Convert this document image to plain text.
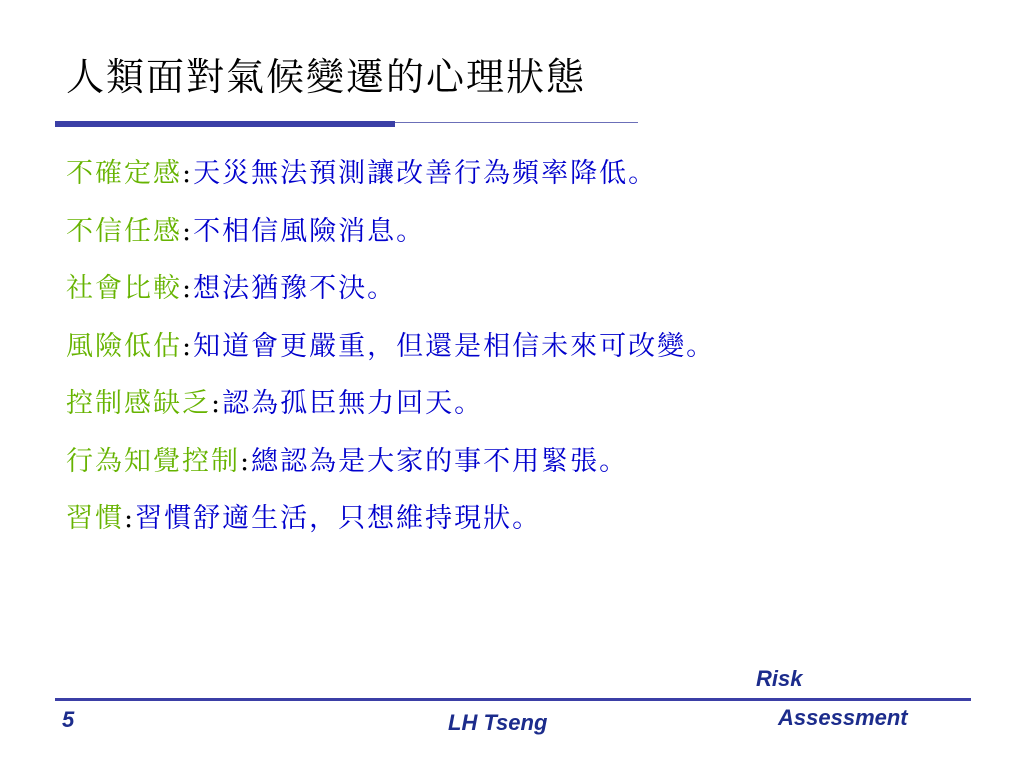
人類面對氣候變遷的心理狀態
不確定感:天災無法預測讓改善行為頻率降低。
不信任感:不相信風險消息。
社會比較:想法猶豫不決。
風險低估:知道會更嚴重，但還是相信未來可改變。
控制感缺乏:認為孤臣無力回天。
行為知覺控制:總認為是大家的事不用緊張。
習慣:習慣舒適生活，只想維持現狀。
Risk
5	LH Tseng	Assessment
